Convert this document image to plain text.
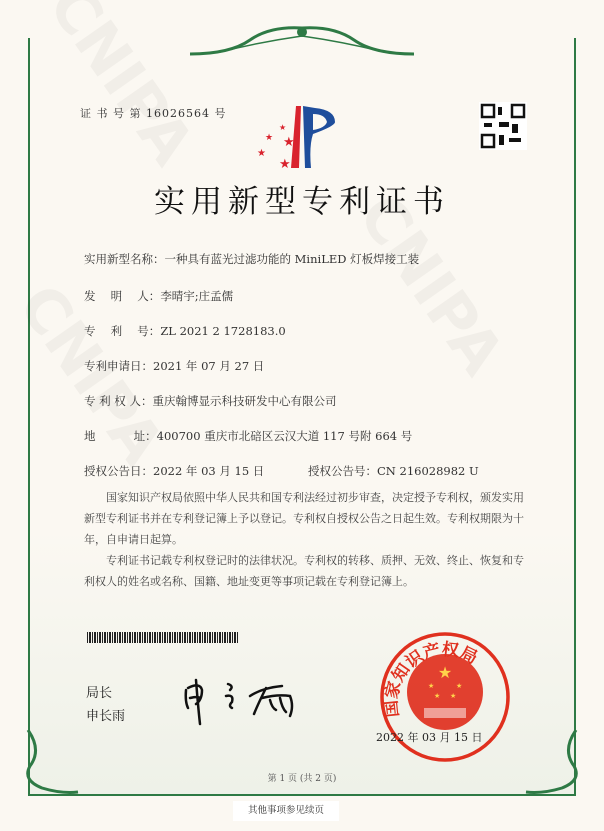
证 书 号 第 16026564 号
★
★ ★
★
★
实用新型专利证书
实用新型名称：一种具有蓝光过滤功能的 MiniLED 灯板焊接工装
发　 明　 人：李晴宇;庄孟儒
专　 利　 号：ZL 2021 2 1728183.0
专利申请日：2021 年 07 月 27 日
专 利 权 人：重庆翰博显示科技研发中心有限公司
地　　　 址：400700 重庆市北碚区云汉大道 117 号附 664 号
授权公告日：2022 年 03 月 15 日	授权公告号：CN 216028982 U

国家知识产权局依照中华人民共和国专利法经过初步审查，决定授予专利权，颁发实用新型专利证书并在专利登记簿上予以登记。专利权自授权公告之日起生效。专利权期限为十年，自申请日起算。

专利证书记载专利权登记时的法律状况。专利权的转移、质押、无效、终止、恢复和专利权人的姓名或名称、国籍、地址变更等事项记载在专利登记簿上。

局长
申长雨
★
★	★
★ ★
国家知识产权局
2022 年 03 月 15 日
第 1 页 (共 2 页)
其他事项参见续页
